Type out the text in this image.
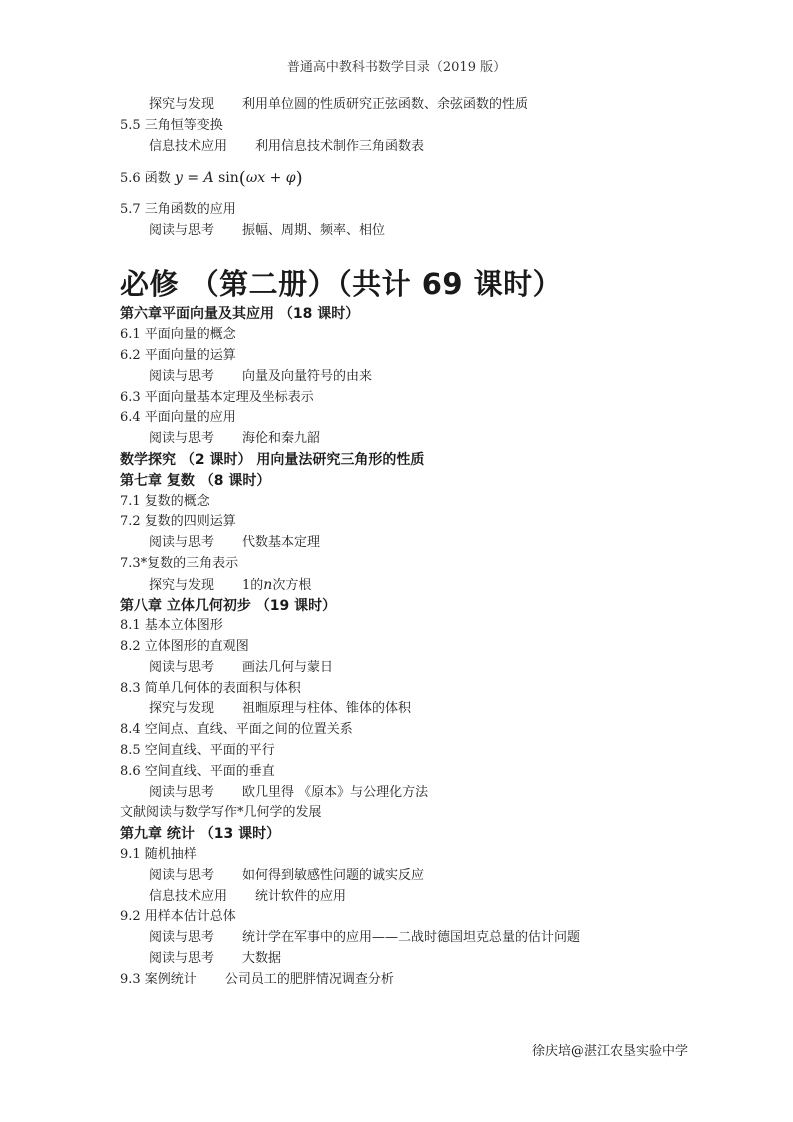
普通高中教科书数学目录（2019 版）
探究与发现 利用单位圆的性质研究正弦函数、余弦函数的性质
5.5 三角恒等变换
信息技术应用 利用信息技术制作三角函数表
5.6 函数 y = A sin(ωx + φ)
5.7 三角函数的应用
阅读与思考 振幅、周期、频率、相位
必修 （第二册）（共计 69 课时）
第六章平面向量及其应用 （18 课时）
6.1 平面向量的概念
6.2 平面向量的运算
阅读与思考 向量及向量符号的由来
6.3 平面向量基本定理及坐标表示
6.4 平面向量的应用
阅读与思考 海伦和秦九韶
数学探究 （2 课时） 用向量法研究三角形的性质
第七章 复数 （8 课时）
7.1 复数的概念
7.2 复数的四则运算
阅读与思考 代数基本定理
7.3*复数的三角表示
探究与发现 1的n次方根
第八章 立体几何初步 （19 课时）
8.1 基本立体图形
8.2 立体图形的直观图
阅读与思考 画法几何与蒙日
8.3 简单几何体的表面积与体积
探究与发现 祖暅原理与柱体、锥体的体积
8.4 空间点、直线、平面之间的位置关系
8.5 空间直线、平面的平行
8.6 空间直线、平面的垂直
阅读与思考 欧几里得 《原本》与公理化方法
文献阅读与数学写作*几何学的发展
第九章 统计 （13 课时）
9.1 随机抽样
阅读与思考 如何得到敏感性问题的诚实反应
信息技术应用 统计软件的应用
9.2 用样本估计总体
阅读与思考 统计学在军事中的应用——二战时德国坦克总量的估计问题
阅读与思考 大数据
9.3 案例统计 公司员工的肥胖情况调查分析
徐庆培@湛江农垦实验中学
